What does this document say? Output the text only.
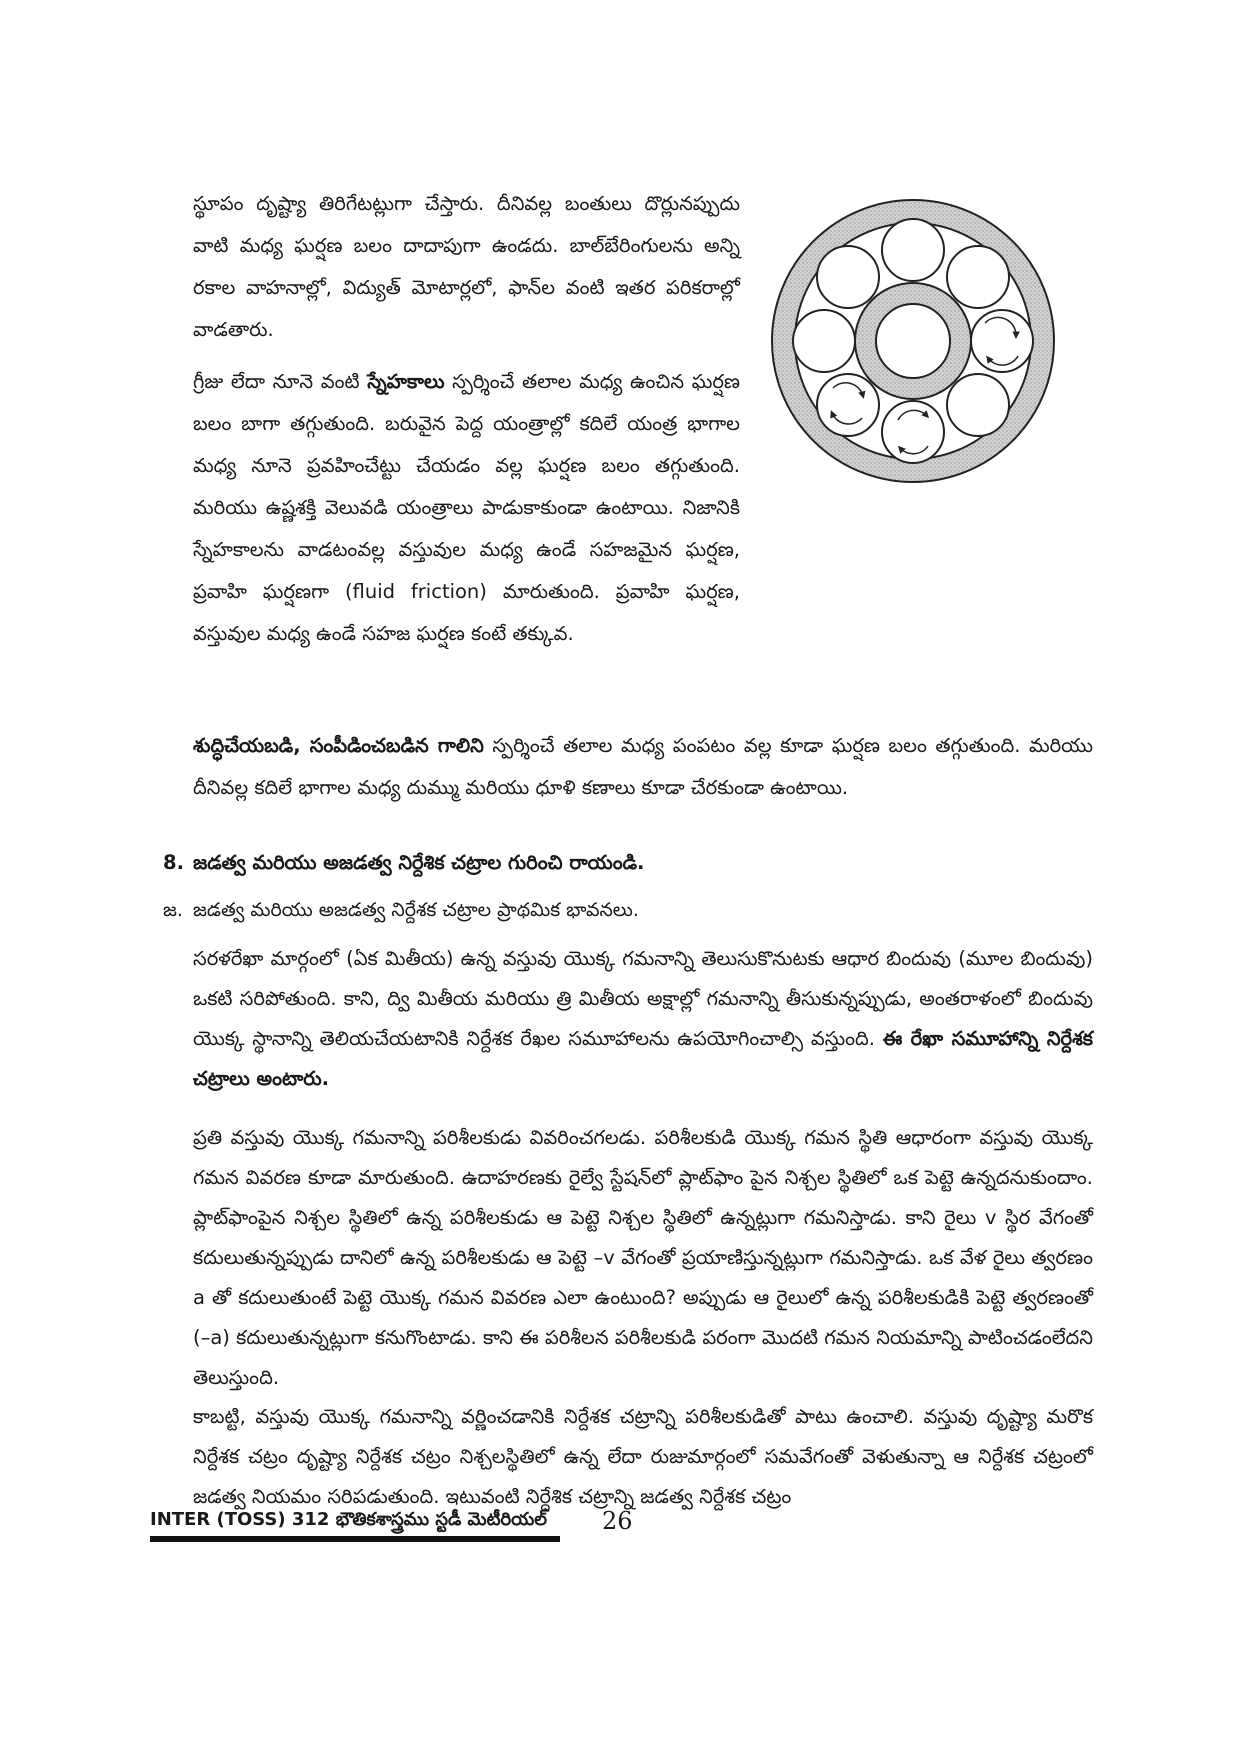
స్థూపం దృష్ట్యా తిరిగేటట్లుగా చేస్తారు. దీనివల్ల బంతులు దొర్లునప్పుదు వాటి మధ్య ఘర్షణ బలం దాదాపుగా ఉండదు. బాల్‌బేరింగులను అన్ని రకాల వాహనాల్లో, విద్యుత్ మోటార్లలో, ఫాన్‌ల వంటి ఇతర పరికరాల్లో వాడతారు.

గ్రీజు లేదా నూనె వంటి స్నేహకాలు స్పర్శించే తలాల మధ్య ఉంచిన ఘర్షణ బలం బాగా తగ్గుతుంది. బరువైన పెద్ద యంత్రాల్లో కదిలే యంత్ర భాగాల మధ్య నూనె ప్రవహించేట్టు చేయడం వల్ల ఘర్షణ బలం తగ్గుతుంది. మరియు ఉష్ణశక్తి వెలువడి యంత్రాలు పాడుకాకుండా ఉంటాయి. నిజానికి స్నేహకాలను వాడటంవల్ల వస్తువుల మధ్య ఉండే సహజమైన ఘర్షణ, ప్రవాహి ఘర్షణగా (fluid friction) మారుతుంది. ప్రవాహి ఘర్షణ, వస్తువుల మధ్య ఉండే సహజ ఘర్షణ కంటే తక్కువ.

శుద్ధిచేయబడి, సంపీడించబడిన గాలిని స్పర్శించే తలాల మధ్య పంపటం వల్ల కూడా ఘర్షణ బలం తగ్గుతుంది. మరియు దీనివల్ల కదిలే భాగాల మధ్య దుమ్ము మరియు ధూళి కణాలు కూడా చేరకుండా ఉంటాయి.

8. జడత్వ మరియు అజడత్వ నిర్దేశిక చట్రాల గురించి రాయండి.
జ. జడత్వ మరియు అజడత్వ నిర్దేశక చట్రాల ప్రాథమిక భావనలు.

సరళరేఖా మార్గంలో (ఏక మితీయ) ఉన్న వస్తువు యొక్క గమనాన్ని తెలుసుకొనుటకు ఆధార బిందువు (మూల బిందువు) ఒకటి సరిపోతుంది. కాని, ద్వి మితీయ మరియు త్రి మితీయ అక్షాల్లో గమనాన్ని తీసుకున్నప్పుడు, అంతరాళంలో బిందువు యొక్క స్థానాన్ని తెలియచేయటానికి నిర్దేశక రేఖల సమూహాలను ఉపయోగించాల్సి వస్తుంది. ఈ రేఖా సమూహాన్ని నిర్దేశక చట్రాలు అంటారు.

ప్రతి వస్తువు యొక్క గమనాన్ని పరిశీలకుడు వివరించగలడు. పరిశీలకుడి యొక్క గమన స్థితి ఆధారంగా వస్తువు యొక్క గమన వివరణ కూడా మారుతుంది. ఉదాహరణకు రైల్వే స్టేషన్‌లో ప్లాట్‌ఫాం పైన నిశ్చల స్థితిలో ఒక పెట్టె ఉన్నదనుకుందాం. ప్లాట్‌ఫాంపైన నిశ్చల స్థితిలో ఉన్న పరిశీలకుడు ఆ పెట్టె నిశ్చల స్థితిలో ఉన్నట్లుగా గమనిస్తాడు. కాని రైలు v స్థిర వేగంతో కదులుతున్నప్పుడు దానిలో ఉన్న పరిశీలకుడు ఆ పెట్టె –v వేగంతో ప్రయాణిస్తున్నట్లుగా గమనిస్తాడు. ఒక వేళ రైలు త్వరణం a తో కదులుతుంటే పెట్టె యొక్క గమన వివరణ ఎలా ఉంటుంది? అప్పుడు ఆ రైలులో ఉన్న పరిశీలకుడికి పెట్టె త్వరణంతో (–a) కదులుతున్నట్లుగా కనుగొంటాడు. కాని ఈ పరిశీలన పరిశీలకుడి పరంగా మొదటి గమన నియమాన్ని పాటించడంలేదని తెలుస్తుంది.

కాబట్టి, వస్తువు యొక్క గమనాన్ని వర్ణించడానికి నిర్దేశక చట్రాన్ని పరిశీలకుడితో పాటు ఉంచాలి. వస్తువు దృష్ట్యా మరొక నిర్దేశక చట్రం దృష్ట్యా నిర్దేశక చట్రం నిశ్చలస్థితిలో ఉన్న లేదా రుజుమార్గంలో సమవేగంతో వెళుతున్నా ఆ నిర్దేశక చట్రంలో జడత్వ నియమం సరిపడుతుంది. ఇటువంటి నిర్దేశిక చట్రాన్ని జడత్వ నిర్దేశక చట్రం

INTER (TOSS) 312 భౌతికశాస్త్రము స్టడీ మెటీరియల్	26
